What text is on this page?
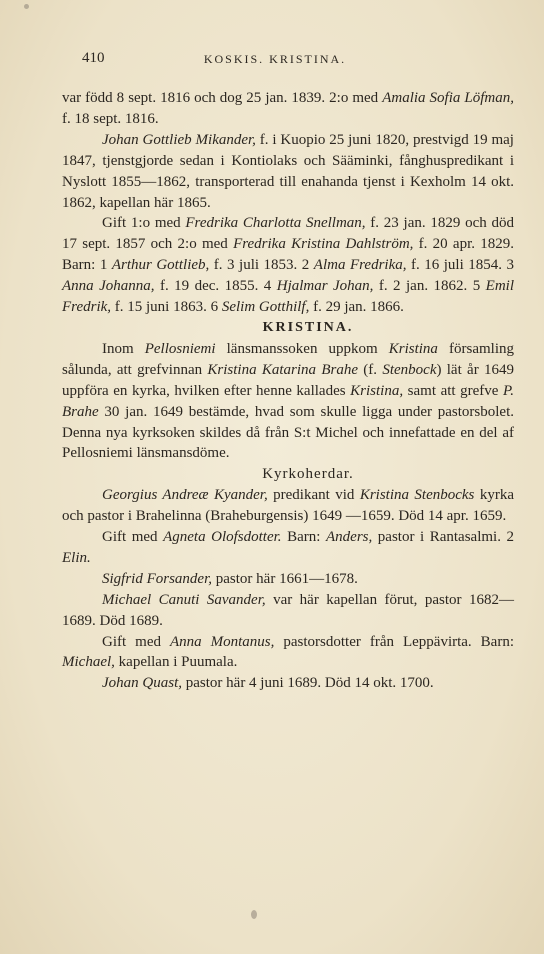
410	KOSKIS. KRISTINA.

var född 8 sept. 1816 och dog 25 jan. 1839. 2:o med Amalia Sofia Löfman, f. 18 sept. 1816.

Johan Gottlieb Mikander, f. i Kuopio 25 juni 1820, prestvigd 19 maj 1847, tjenstgjorde sedan i Kontiolaks och Sääminki, fånghuspredikant i Nyslott 1855—1862, transporterad till enahanda tjenst i Kexholm 14 okt. 1862, kapellan här 1865.

Gift 1:o med Fredrika Charlotta Snellman, f. 23 jan. 1829 och död 17 sept. 1857 och 2:o med Fredrika Kristina Dahlström, f. 20 apr. 1829. Barn: 1 Arthur Gottlieb, f. 3 juli 1853. 2 Alma Fredrika, f. 16 juli 1854. 3 Anna Johanna, f. 19 dec. 1855. 4 Hjalmar Johan, f. 2 jan. 1862. 5 Emil Fredrik, f. 15 juni 1863. 6 Selim Gotthilf, f. 29 jan. 1866.

KRISTINA.

Inom Pellosniemi länsmanssoken uppkom Kristina församling sålunda, att grefvinnan Kristina Katarina Brahe (f. Stenbock) lät år 1649 uppföra en kyrka, hvilken efter henne kallades Kristina, samt att grefve P. Brahe 30 jan. 1649 bestämde, hvad som skulle ligga under pastorsbolet. Denna nya kyrksoken skildes då från S:t Michel och innefattade en del af Pellosniemi länsmansdöme.

Kyrkoherdar.

Georgius Andreæ Kyander, predikant vid Kristina Stenbocks kyrka och pastor i Brahelinna (Braheburgensis) 1649 —1659. Död 14 apr. 1659.

Gift med Agneta Olofsdotter. Barn: Anders, pastor i Rantasalmi. 2 Elin.

Sigfrid Forsander, pastor här 1661—1678.

Michael Canuti Savander, var här kapellan förut, pastor 1682—1689. Död 1689.

Gift med Anna Montanus, pastorsdotter från Leppävirta. Barn: Michael, kapellan i Puumala.

Johan Quast, pastor här 4 juni 1689. Död 14 okt. 1700.
